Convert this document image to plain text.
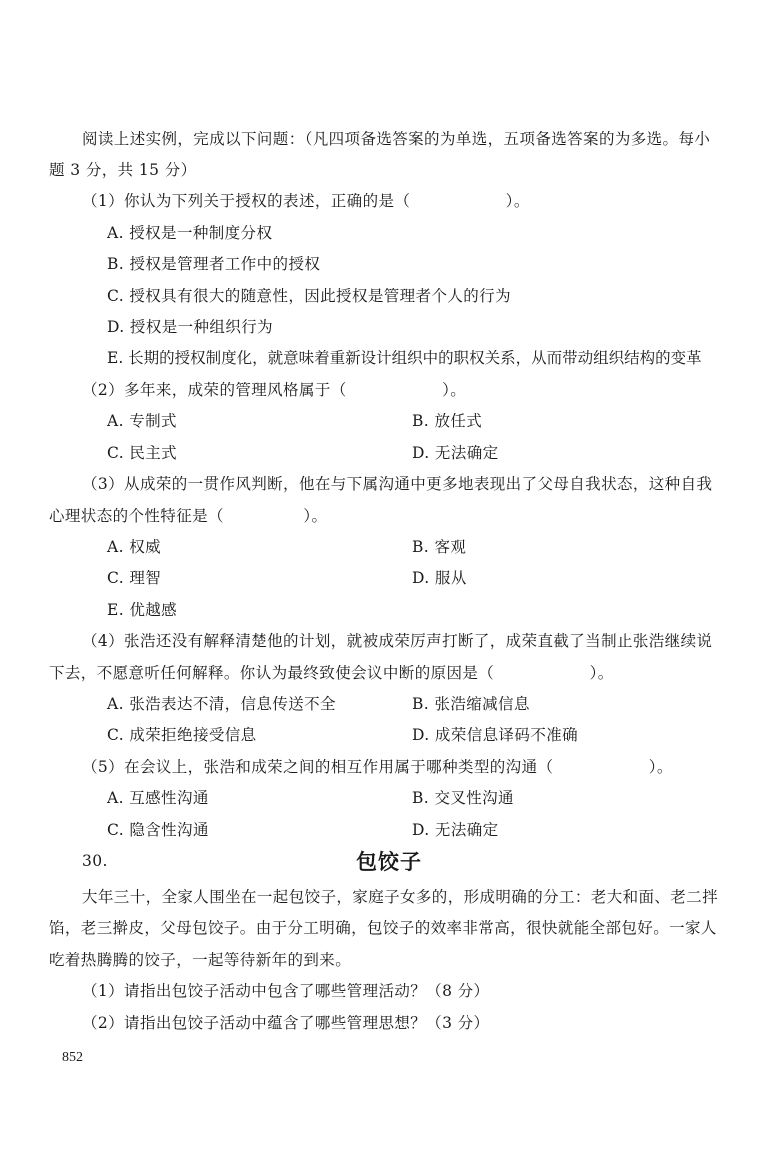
阅读上述实例，完成以下问题：（凡四项备选答案的为单选，五项备选答案的为多选。每小
题 3 分，共 15 分）
（1）你认为下列关于授权的表述，正确的是（　　　　　　）。
A. 授权是一种制度分权
B. 授权是管理者工作中的授权
C. 授权具有很大的随意性，因此授权是管理者个人的行为
D. 授权是一种组织行为
E. 长期的授权制度化，就意味着重新设计组织中的职权关系，从而带动组织结构的变革
（2）多年来，成荣的管理风格属于（　　　　　　）。
A. 专制式	B. 放任式
C. 民主式	D. 无法确定
（3）从成荣的一贯作风判断，他在与下属沟通中更多地表现出了父母自我状态，这种自我
心理状态的个性特征是（　　　　　）。
A. 权威	B. 客观
C. 理智	D. 服从
E. 优越感
（4）张浩还没有解释清楚他的计划，就被成荣厉声打断了，成荣直截了当制止张浩继续说
下去，不愿意听任何解释。你认为最终致使会议中断的原因是（　　　　　　）。
A. 张浩表达不清，信息传送不全	B. 张浩缩减信息
C. 成荣拒绝接受信息	D. 成荣信息译码不准确
（5）在会议上，张浩和成荣之间的相互作用属于哪种类型的沟通（　　　　　　）。
A. 互感性沟通	B. 交叉性沟通
C. 隐含性沟通	D. 无法确定
30.	包饺子
大年三十，全家人围坐在一起包饺子，家庭子女多的，形成明确的分工：老大和面、老二拌
馅，老三擀皮，父母包饺子。由于分工明确，包饺子的效率非常高，很快就能全部包好。一家人
吃着热腾腾的饺子，一起等待新年的到来。
（1）请指出包饺子活动中包含了哪些管理活动？（8 分）
（2）请指出包饺子活动中蕴含了哪些管理思想？（3 分）
852
